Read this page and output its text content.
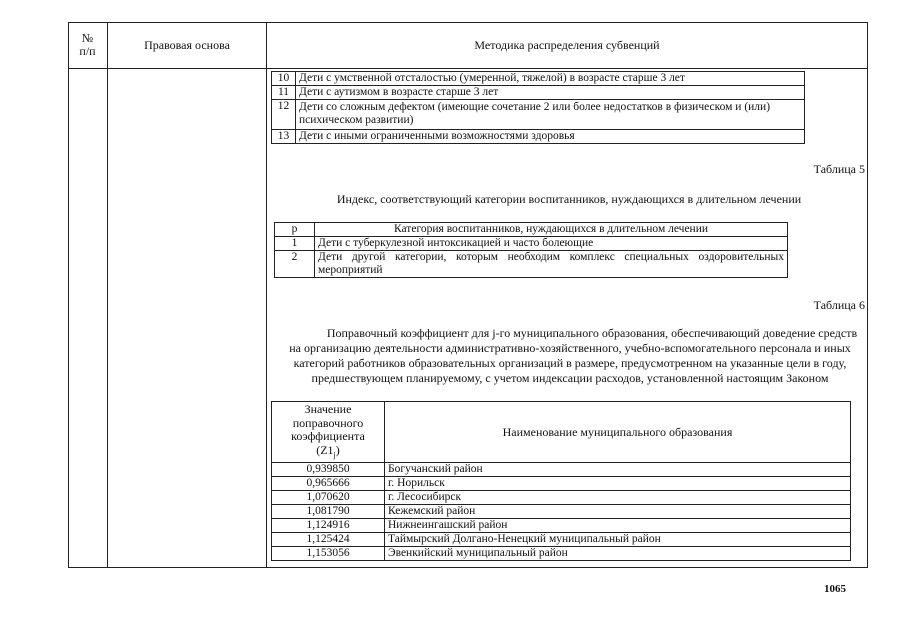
№
п/п	Правовая основа	Методика распределения субвенций
10	Дети с умственной отсталостью (умеренной, тяжелой) в возрасте старше 3 лет
11	Дети с аутизмом в возрасте старше 3 лет
12	Дети со сложным дефектом (имеющие сочетание 2 или более недостатков в физическом и (или) психическом развитии)
13	Дети с иными ограниченными возможностями здоровья
Таблица 5
Индекс, соответствующий категории воспитанников, нуждающихся в длительном лечении
p	Категория воспитанников, нуждающихся в длительном лечении
1	Дети с туберкулезной интоксикацией и часто болеющие
2	Дети другой категории, которым необходим комплекс специальных оздоровительных мероприятий
Таблица 6
Поправочный коэффициент для j-го муниципального образования, обеспечивающий доведение средств на организацию деятельности административно-хозяйственного, учебно-вспомогательного персонала и иных категорий работников образовательных организаций в размере, предусмотренном на указанные цели в году, предшествующем планируемому, с учетом индексации расходов, установленной настоящим Законом
Значение
поправочного
коэффициента
$(Z1_j)$	Наименование муниципального образования
0,939850	Богучанский район
0,965666	г. Норильск
1,070620	г. Лесосибирск
1,081790	Кежемский район
1,124916	Нижнеингашский район
1,125424	Таймырский Долгано-Ненецкий муниципальный район
1,153056	Эвенкийский муниципальный район
1065
